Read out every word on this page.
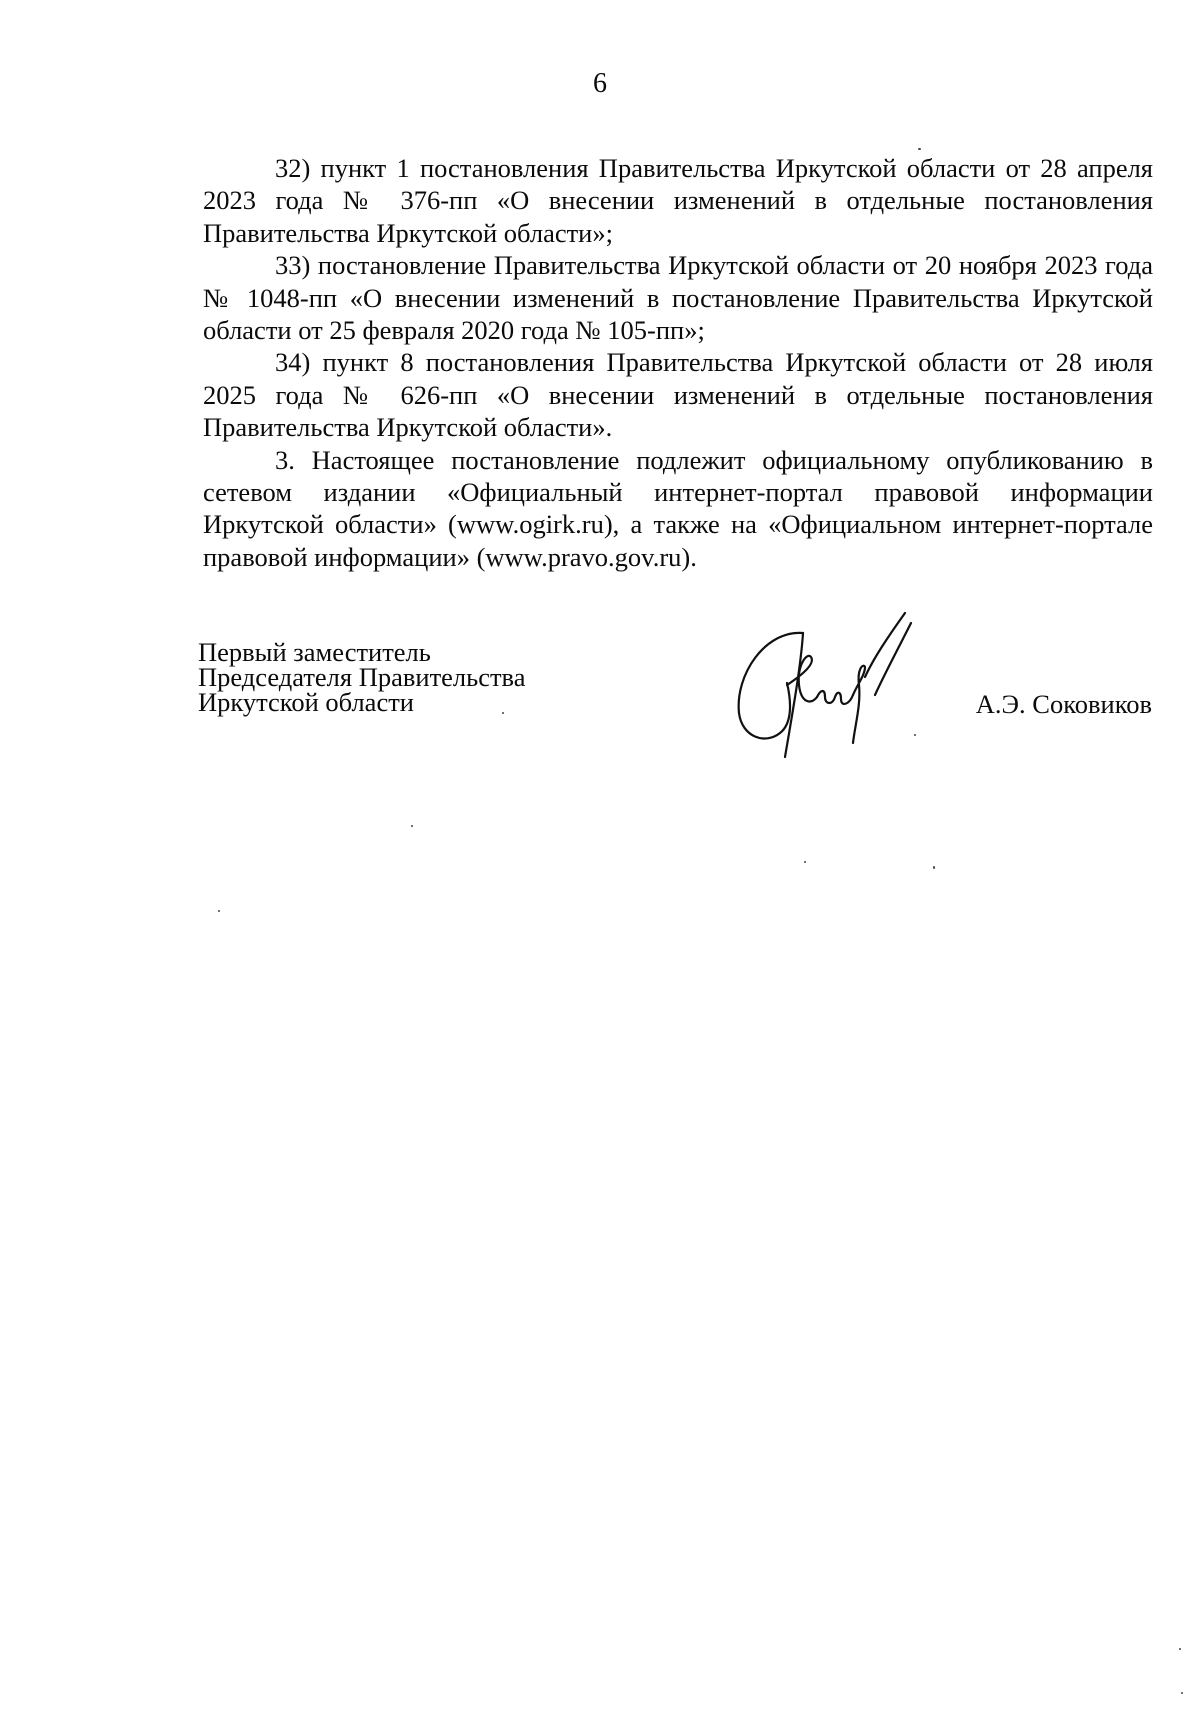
6

32) пункт 1 постановления Правительства Иркутской области от 28 апреля 2023 года № 376-пп «О внесении изменений в отдельные постановления Правительства Иркутской области»;

33) постановление Правительства Иркутской области от 20 ноября 2023 года № 1048-пп «О внесении изменений в постановление Правительства Иркутской области от 25 февраля 2020 года № 105-пп»;

34) пункт 8 постановления Правительства Иркутской области от 28 июля 2025 года № 626-пп «О внесении изменений в отдельные постановления Правительства Иркутской области».

3. Настоящее постановление подлежит официальному опубликованию в сетевом издании «Официальный интернет-портал правовой информации Иркутской области» (www.ogirk.ru), а также на «Официальном интернет-портале правовой информации» (www.pravo.gov.ru).

Первый заместитель
Председателя Правительства
Иркутской области	А.Э. Соковиков
